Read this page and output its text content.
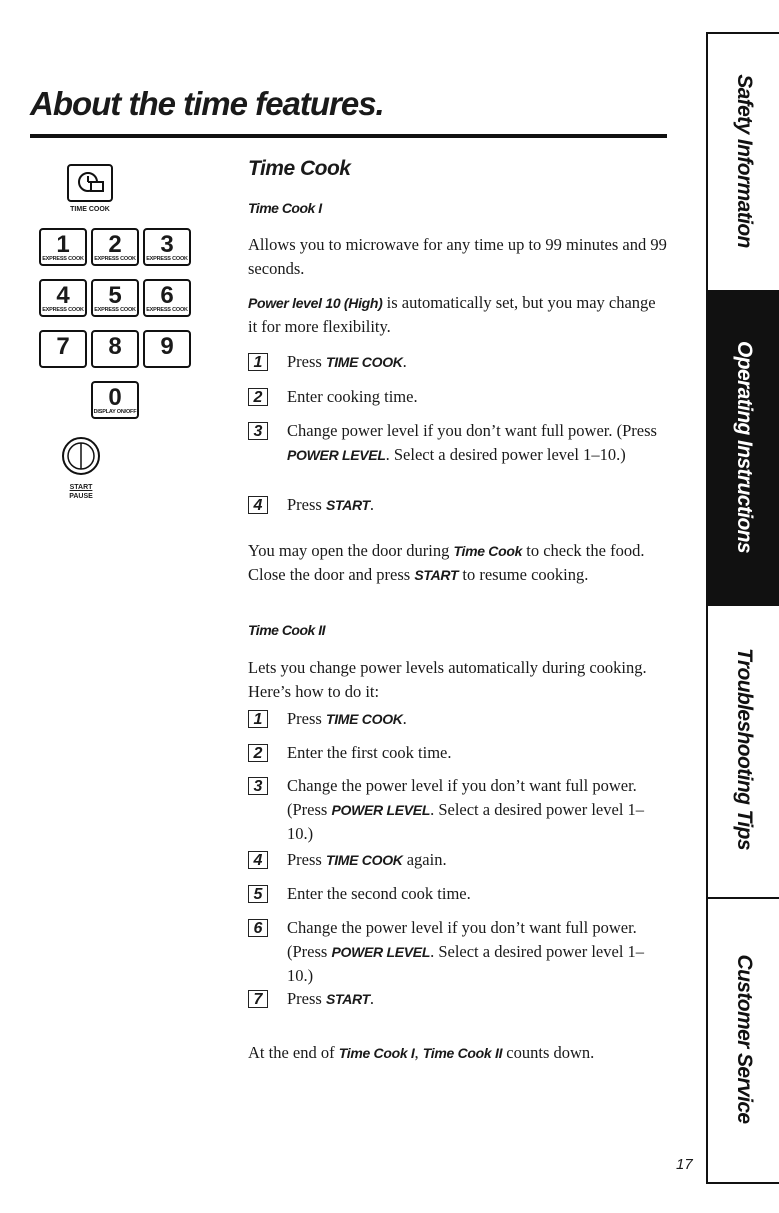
About the time features.
TIME COOK
1
EXPRESS COOK
2
EXPRESS COOK
3
EXPRESS COOK
4
EXPRESS COOK
5
EXPRESS COOK
6
EXPRESS COOK
7	8	9
0
DISPLAY ON/OFF
START
PAUSE
Time Cook
Time Cook I

Allows you to microwave for any time up to 99 minutes and 99 seconds.

Power level 10 (High) is automatically set, but you may change it for more flexibility.

1	Press TIME COOK.

2	Enter cooking time.

3	Change power level if you don’t want full power. (Press POWER LEVEL. Select a desired power level 1–10.)

4	Press START.

You may open the door during Time Cook to check the food. Close the door and press START to resume cooking.

Time Cook II

Lets you change power levels automatically during cooking. Here’s how to do it:

1	Press TIME COOK.

2	Enter the first cook time.

3	Change the power level if you don’t want full power. (Press POWER LEVEL. Select a desired power level 1–10.)

4	Press TIME COOK again.

5	Enter the second cook time.

6	Change the power level if you don’t want full power. (Press POWER LEVEL. Select a desired power level 1–10.)

7	Press START.

At the end of Time Cook I, Time Cook II counts down.

Safety Information
Operating Instructions
Troubleshooting Tips
Customer Service
17
